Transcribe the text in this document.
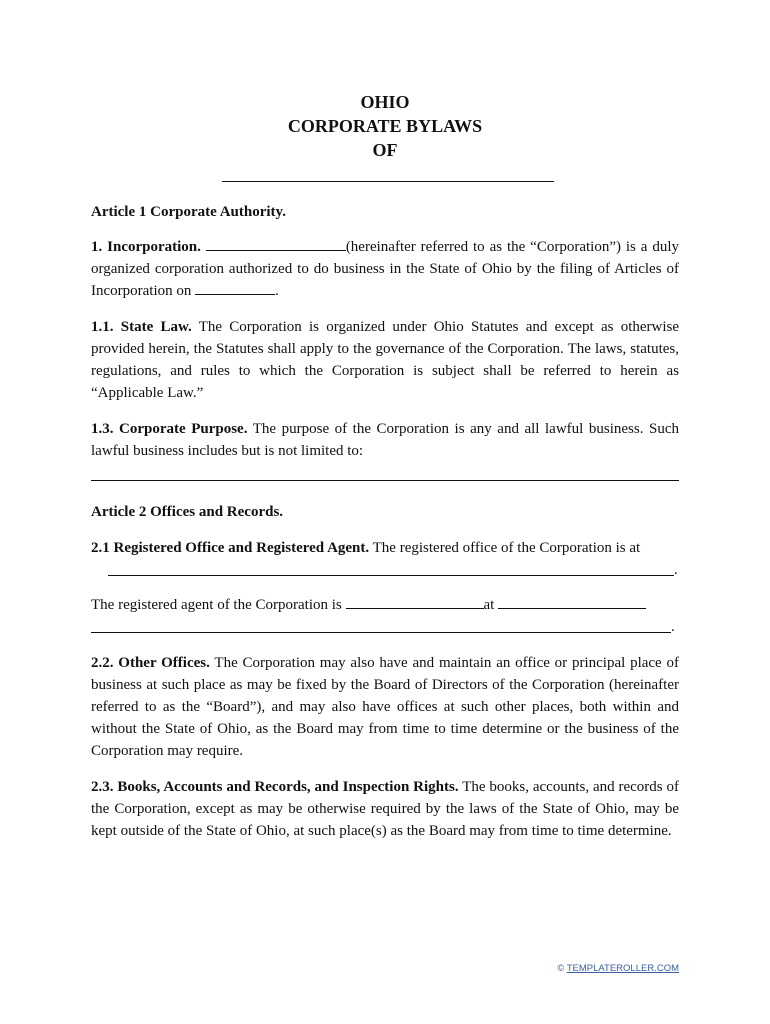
OHIO
CORPORATE BYLAWS
OF
Article 1 Corporate Authority.
1. Incorporation.	(hereinafter referred to as the “Corporation”) is a duly organized corporation authorized to do business in the State of Ohio by the filing of Articles of Incorporation on	.
1.1. State Law. The Corporation is organized under Ohio Statutes and except as otherwise provided herein, the Statutes shall apply to the governance of the Corporation. The laws, statutes, regulations, and rules to which the Corporation is subject shall be referred to herein as “Applicable Law.”
1.3. Corporate Purpose. The purpose of the Corporation is any and all lawful business. Such lawful business includes but is not limited to:
Article 2 Offices and Records.
2.1 Registered Office and Registered Agent. The registered office of the Corporation is at
.
The registered agent of the Corporation is	at
.
2.2. Other Offices. The Corporation may also have and maintain an office or principal place of business at such place as may be fixed by the Board of Directors of the Corporation (hereinafter referred to as the “Board”), and may also have offices at such other places, both within and without the State of Ohio, as the Board may from time to time determine or the business of the Corporation may require.
2.3. Books, Accounts and Records, and Inspection Rights. The books, accounts, and records of the Corporation, except as may be otherwise required by the laws of the State of Ohio, may be kept outside of the State of Ohio, at such place(s) as the Board may from time to time determine.
© TEMPLATEROLLER.COM
